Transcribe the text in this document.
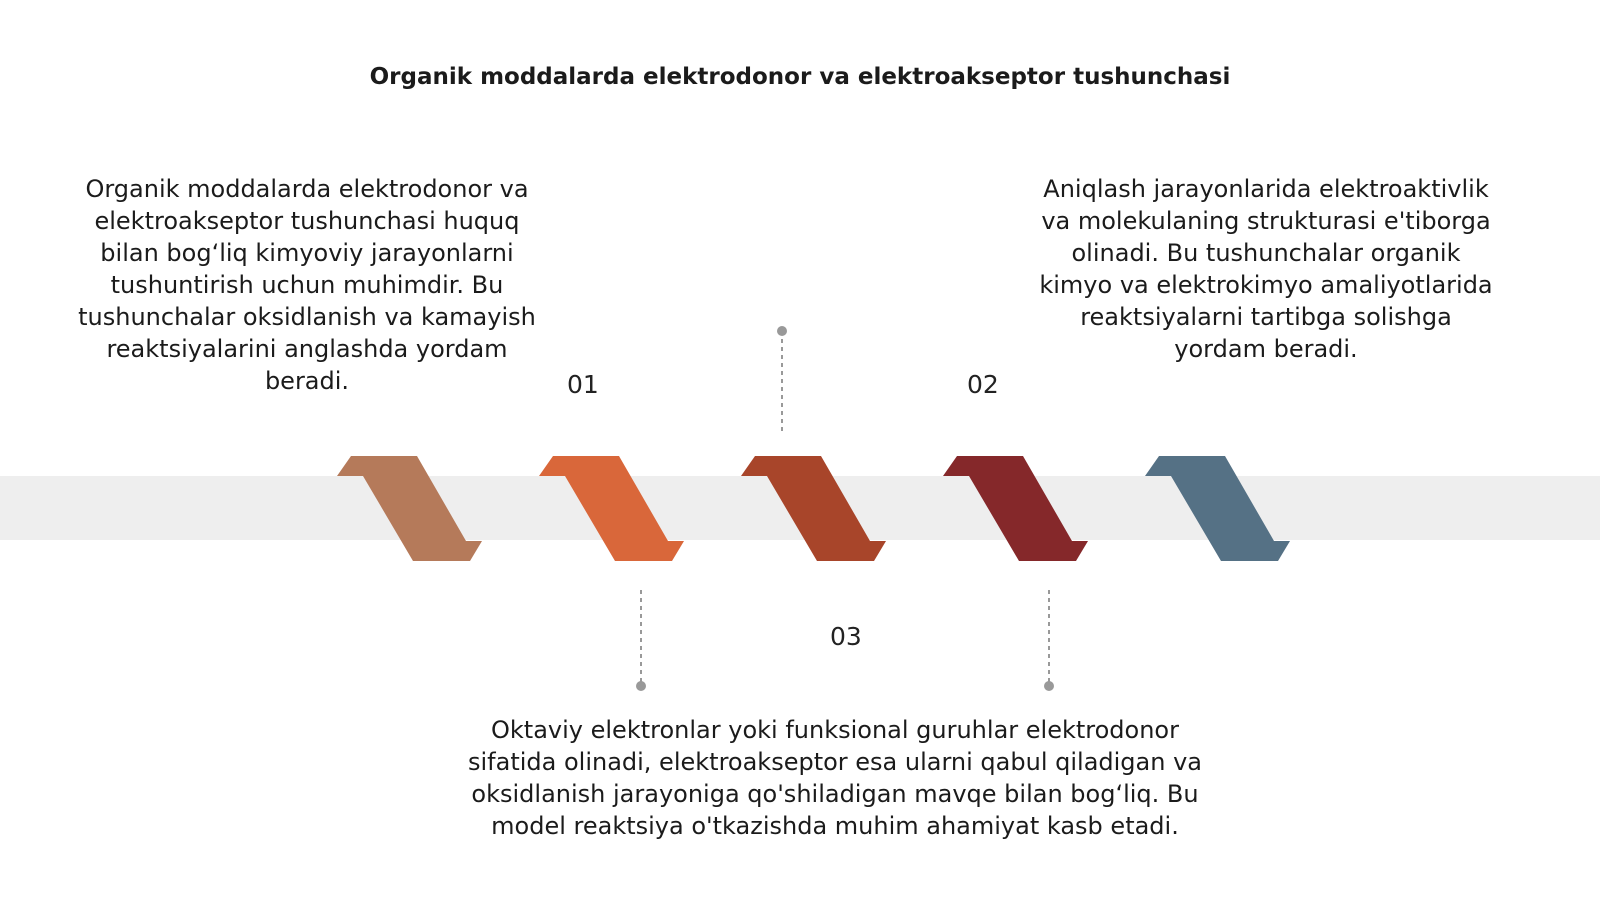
Organik moddalarda elektrodonor va elektroakseptor tushunchasi
Organik moddalarda elektrodonor va elektroakseptor tushunchasi huquq bilan bog‘liq kimyoviy jarayonlarni tushuntirish uchun muhimdir. Bu tushunchalar oksidlanish va kamayish reaktsiyalarini anglashda yordam beradi.
Aniqlash jarayonlarida elektroaktivlik va molekulaning strukturasi e'tiborga olinadi. Bu tushunchalar organik kimyo va elektrokimyo amaliyotlarida reaktsiyalarni tartibga solishga yordam beradi.
Oktaviy elektronlar yoki funksional guruhlar elektrodonor sifatida olinadi, elektroakseptor esa ularni qabul qiladigan va oksidlanish jarayoniga qo'shiladigan mavqe bilan bog‘liq. Bu model reaktsiya o'tkazishda muhim ahamiyat kasb etadi.
01	02
03
